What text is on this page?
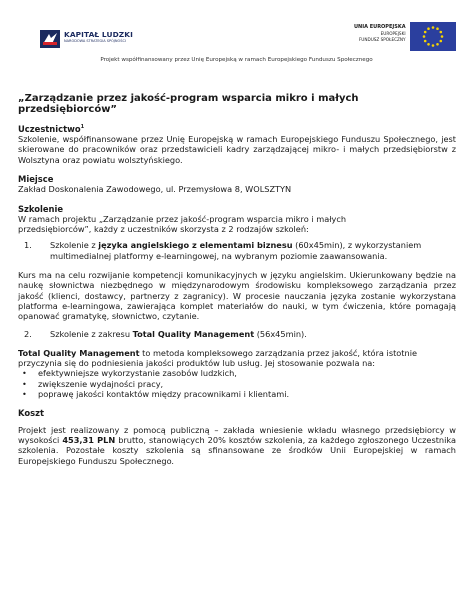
KAPITAŁ LUDZKI
NARODOWA STRATEGIA SPÓJNOŚCI
UNIA EUROPEJSKA
EUROPEJSKI
FUNDUSZ SPOŁECZNY
Projekt współfinansowany przez Unię Europejską w ramach Europejskiego Funduszu Społecznego
„Zarządzanie przez jakość-program wsparcia mikro i małych przedsiębiorców”
Uczestnictwo$^1$

Szkolenie, współfinansowane przez Unię Europejską w ramach Europejskiego Funduszu Społecznego, jest skierowane do pracowników oraz przedstawicieli kadry zarządzającej mikro- i małych przedsiębiorstw z Wolsztyna oraz powiatu wolsztyńskiego.

Miejsce

Zakład Doskonalenia Zawodowego, ul. Przemysłowa 8, WOLSZTYN

Szkolenie

W ramach projektu „Zarządzanie przez jakość-program wsparcia mikro i małych przedsiębiorców”, każdy z uczestników skorzysta z 2 rodzajów szkoleń:

1. Szkolenie z języka angielskiego z elementami biznesu (60x45min), z wykorzystaniem multimedialnej platformy e-learningowej, na wybranym poziomie zaawansowania.

Kurs ma na celu rozwijanie kompetencji komunikacyjnych w języku angielskim. Ukierunkowany będzie na naukę słownictwa niezbędnego w międzynarodowym środowisku kompleksowego zarządzania przez jakość (klienci, dostawcy, partnerzy z zagranicy). W procesie nauczania języka zostanie wykorzystana platforma e-learningowa, zawierająca komplet materiałów do nauki, w tym ćwiczenia, które pomagają opanować gramatykę, słownictwo, czytanie.

2. Szkolenie z zakresu Total Quality Management (56x45min).

Total Quality Management to metoda kompleksowego zarządzania przez jakość, która istotnie przyczynia się do podniesienia jakości produktów lub usług. Jej stosowanie pozwala na:

• efektywniejsze wykorzystanie zasobów ludzkich,
• zwiększenie wydajności pracy,
• poprawę jakości kontaktów między pracownikami i klientami.
Koszt

Projekt jest realizowany z pomocą publiczną – zakłada wniesienie wkładu własnego przedsiębiorcy w wysokości 453,31 PLN brutto, stanowiących 20% kosztów szkolenia, za każdego zgłoszonego Uczestnika szkolenia. Pozostałe koszty szkolenia są sfinansowane ze środków Unii Europejskiej w ramach Europejskiego Funduszu Społecznego.
